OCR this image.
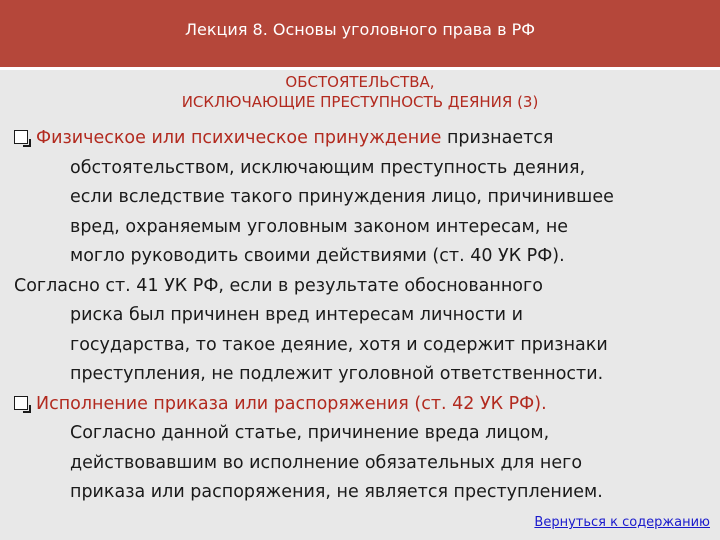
Лекция 8. Основы уголовного права в РФ
ОБСТОЯТЕЛЬСТВА,
ИСКЛЮЧАЮЩИЕ ПРЕСТУПНОСТЬ ДЕЯНИЯ (3)
Физическое или психическое принуждение признается
обстоятельством, исключающим преступность деяния,
если вследствие такого принуждения лицо, причинившее
вред, охраняемым уголовным законом интересам, не
могло руководить своими действиями (ст. 40 УК РФ).
Согласно ст. 41 УК РФ, если в результате обоснованного
риска был причинен вред интересам личности и
государства, то такое деяние, хотя и содержит признаки
преступления, не подлежит уголовной ответственности.
Исполнение приказа или распоряжения (ст. 42 УК РФ).
Согласно данной статье, причинение вреда лицом,
действовавшим во исполнение обязательных для него
приказа или распоряжения, не является преступлением.
Вернуться к содержанию
